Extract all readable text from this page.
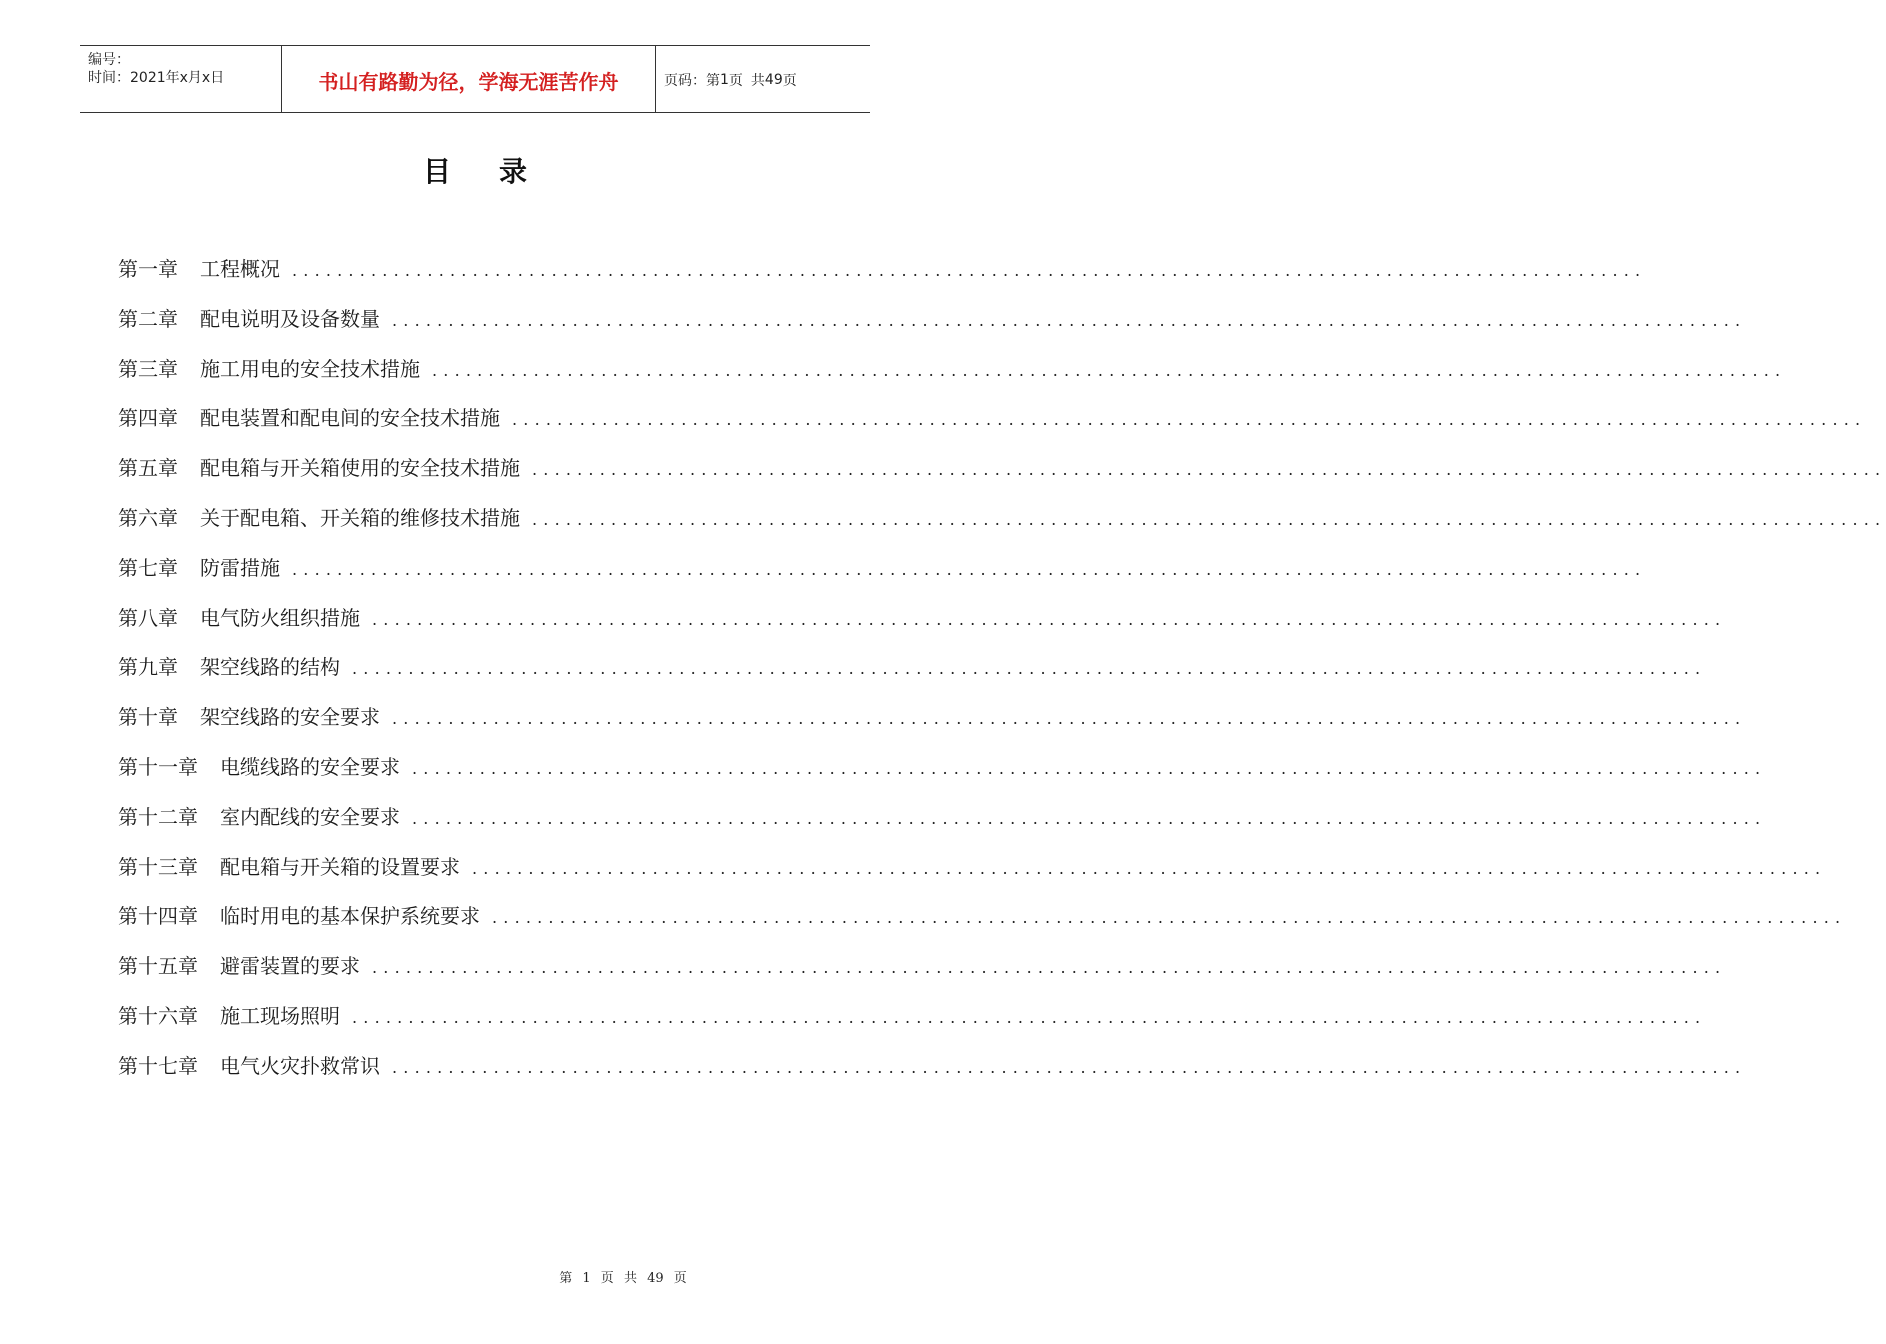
编号：
时间：2021年x月x日	书山有路勤为径，学海无涯苦作舟	页码：第 1 页 共 49 页
目录
第一章 工程概况 ........................................................................................................................
第二章 配电说明及设备数量 ........................................................................................................................
第三章 施工用电的安全技术措施 ........................................................................................................................
第四章 配电装置和配电间的安全技术措施 ........................................................................................................................
第五章 配电箱与开关箱使用的安全技术措施 ........................................................................................................................
第六章 关于配电箱、开关箱的维修技术措施 ........................................................................................................................
第七章 防雷措施 ........................................................................................................................
第八章 电气防火组织措施 ........................................................................................................................
第九章 架空线路的结构 ........................................................................................................................
第十章 架空线路的安全要求 ........................................................................................................................
第十一章 电缆线路的安全要求 ........................................................................................................................
第十二章 室内配线的安全要求 ........................................................................................................................
第十三章 配电箱与开关箱的设置要求 ........................................................................................................................
第十四章 临时用电的基本保护系统要求 ........................................................................................................................
第十五章 避雷装置的要求 ........................................................................................................................
第十六章 施工现场照明 ........................................................................................................................
第十七章 电气火灾扑救常识 ........................................................................................................................
第 1 页 共 49 页
